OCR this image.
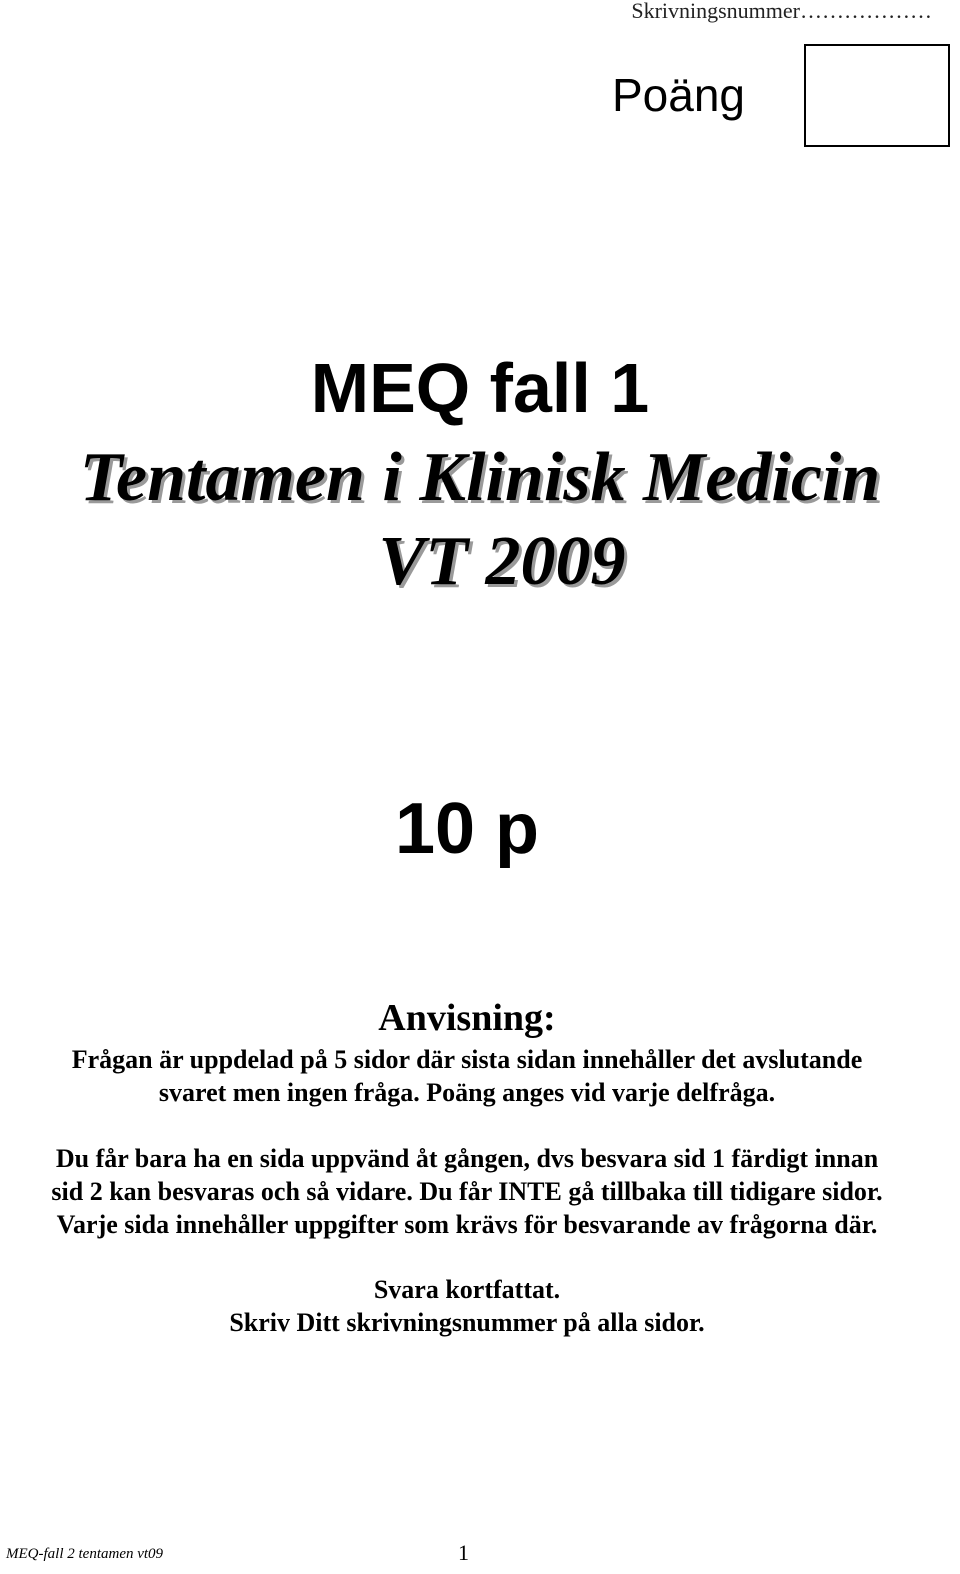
Skrivningsnummer………………
Poäng
MEQ fall 1
Tentamen i Klinisk Medicin
VT 2009
10 p
Anvisning:
Frågan är uppdelad på 5 sidor där sista sidan innehåller det avslutande
svaret men ingen fråga. Poäng anges vid varje delfråga.
Du får bara ha en sida uppvänd åt gången, dvs besvara sid 1 färdigt innan
sid 2 kan besvaras och så vidare. Du får INTE gå tillbaka till tidigare sidor.
Varje sida innehåller uppgifter som krävs för besvarande av frågorna där.
Svara kortfattat.
Skriv Ditt skrivningsnummer på alla sidor.
MEQ-fall 2 tentamen vt09	1
